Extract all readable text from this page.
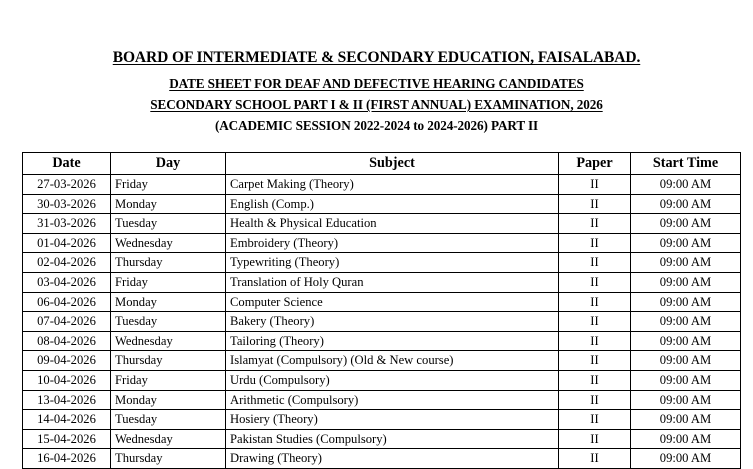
BOARD OF INTERMEDIATE & SECONDARY EDUCATION, FAISALABAD.
DATE SHEET FOR DEAF AND DEFECTIVE HEARING CANDIDATES
SECONDARY SCHOOL PART I & II (FIRST ANNUAL) EXAMINATION, 2026
(ACADEMIC SESSION 2022-2024 to 2024-2026) PART II
Date	Day	Subject	Paper	Start Time
27-03-2026	Friday	Carpet Making (Theory)	II	09:00 AM
30-03-2026	Monday	English (Comp.)	II	09:00 AM
31-03-2026	Tuesday	Health & Physical Education	II	09:00 AM
01-04-2026	Wednesday	Embroidery (Theory)	II	09:00 AM
02-04-2026	Thursday	Typewriting (Theory)	II	09:00 AM
03-04-2026	Friday	Translation of Holy Quran	II	09:00 AM
06-04-2026	Monday	Computer Science	II	09:00 AM
07-04-2026	Tuesday	Bakery (Theory)	II	09:00 AM
08-04-2026	Wednesday	Tailoring (Theory)	II	09:00 AM
09-04-2026	Thursday	Islamyat (Compulsory) (Old & New course)	II	09:00 AM
10-04-2026	Friday	Urdu (Compulsory)	II	09:00 AM
13-04-2026	Monday	Arithmetic (Compulsory)	II	09:00 AM
14-04-2026	Tuesday	Hosiery (Theory)	II	09:00 AM
15-04-2026	Wednesday	Pakistan Studies (Compulsory)	II	09:00 AM
16-04-2026	Thursday	Drawing (Theory)	II	09:00 AM
